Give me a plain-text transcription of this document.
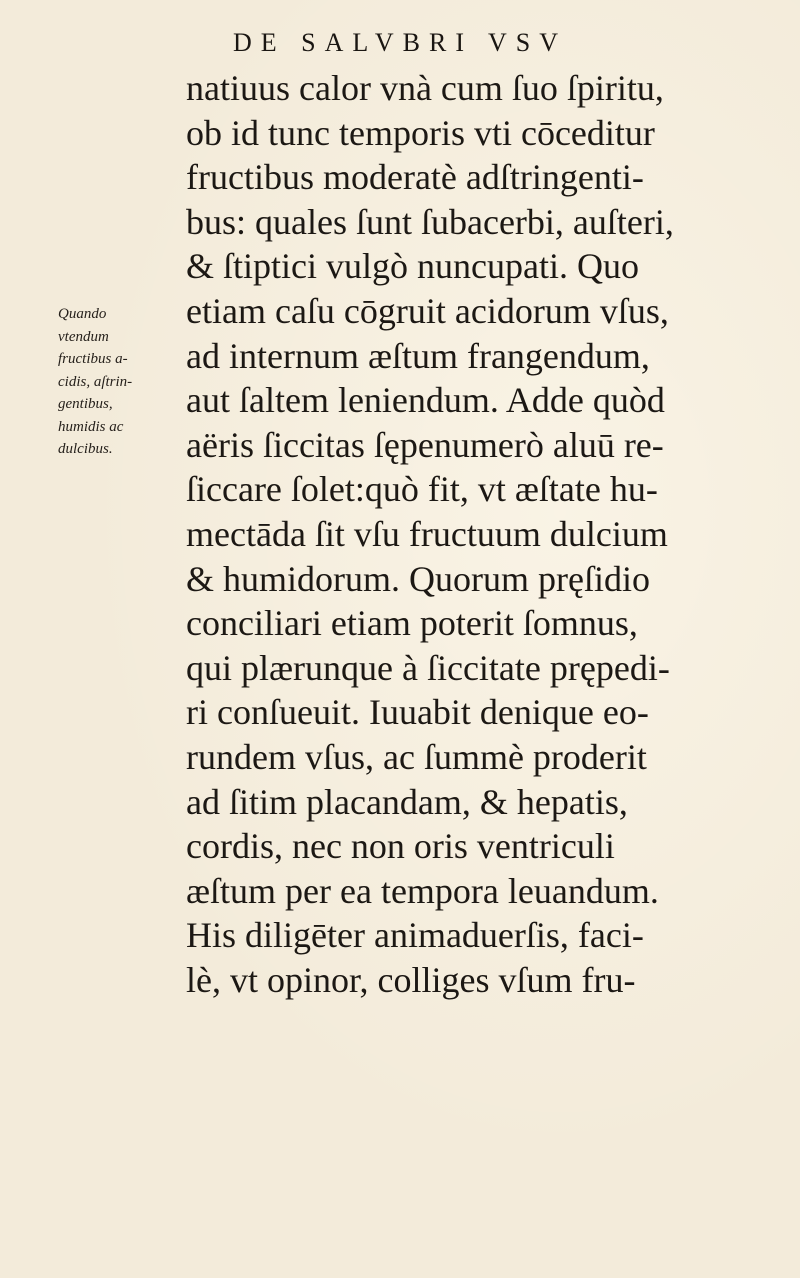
DE SALVBRI VSV
natiuus calor vnà cum ſuo ſpiritu,
ob id tunc temporis vti cōceditur
fructibus moderatè adſtringenti-
bus: quales ſunt ſubacerbi, auſteri,
& ſtiptici vulgò nuncupati. Quo
etiam caſu cōgruit acidorum vſus,
ad internum æſtum frangendum,
aut ſaltem leniendum. Adde quòd
aëris ſiccitas ſępenumerò aluū re-
ſiccare ſolet:quò fit, vt æſtate hu-
mectāda ſit vſu fructuum dulcium
& humidorum. Quorum pręſidio
conciliari etiam poterit ſomnus,
qui plærunque à ſiccitate prępedi-
ri conſueuit. Iuuabit denique eo-
rundem vſus, ac ſummè proderit
ad ſitim placandam, & hepatis,
cordis, nec non oris ventriculi
æſtum per ea tempora leuandum.
His diligēter animaduerſis, faci-
lè, vt opinor, colliges vſum fru-
Quando
vtendum
fructibus a-
cidis, aſtrin-
gentibus,
humidis ac
dulcibus.
